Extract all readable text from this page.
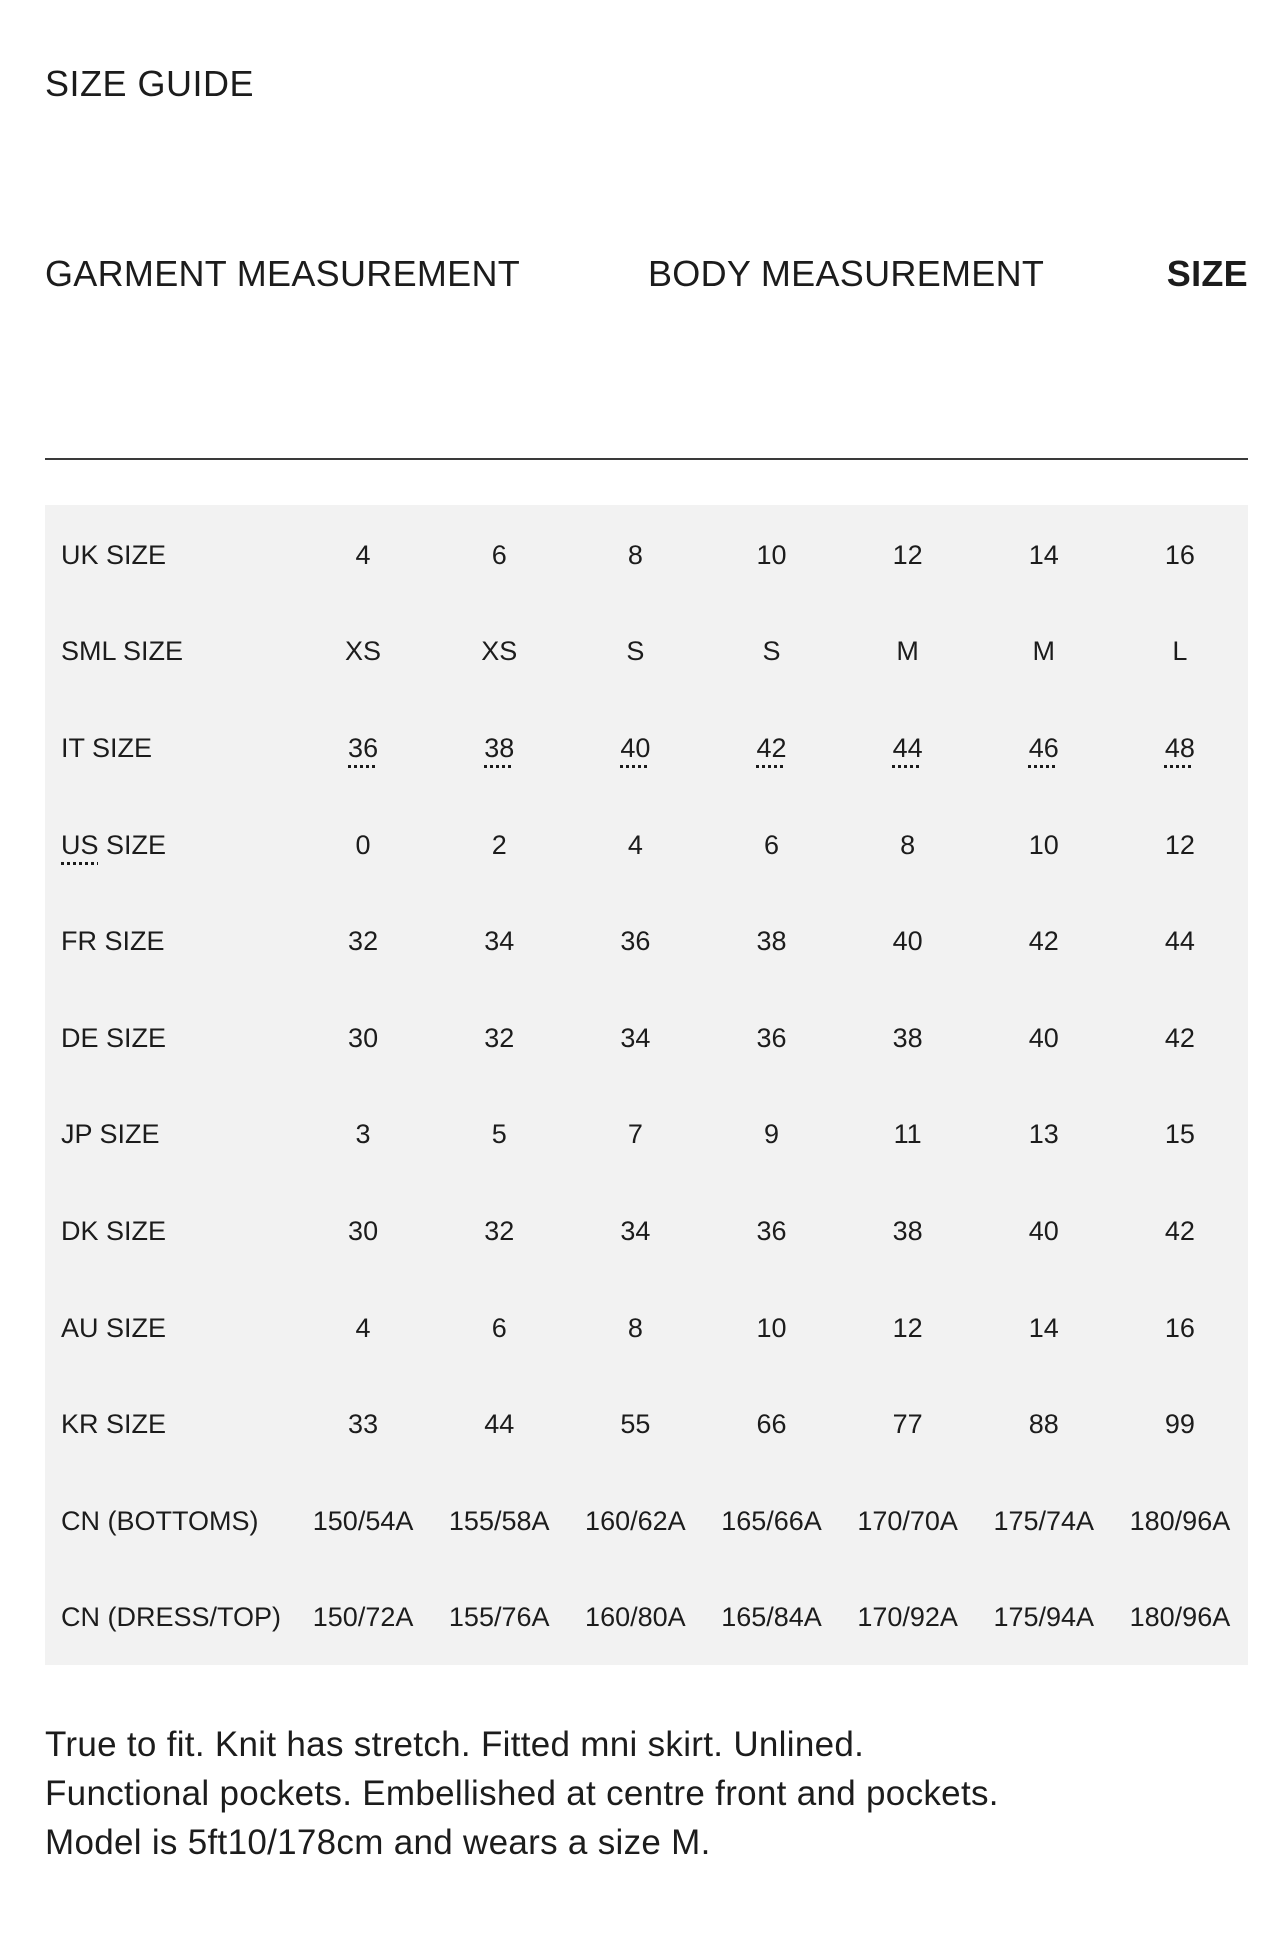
SIZE GUIDE
GARMENT MEASUREMENT	BODY MEASUREMENT	SIZE
UK SIZE	4	6	8	10	12	14	16
SML SIZE	XS	XS	S	S	M	M	L
IT SIZE	36	38	40	42	44	46	48
US SIZE	0	2	4	6	8	10	12
FR SIZE	32	34	36	38	40	42	44
DE SIZE	30	32	34	36	38	40	42
JP SIZE	3	5	7	9	11	13	15
DK SIZE	30	32	34	36	38	40	42
AU SIZE	4	6	8	10	12	14	16
KR SIZE	33	44	55	66	77	88	99
CN (BOTTOMS)	150/54A	155/58A	160/62A	165/66A	170/70A	175/74A	180/96A
CN (DRESS/TOP)	150/72A	155/76A	160/80A	165/84A	170/92A	175/94A	180/96A

True to fit. Knit has stretch. Fitted mni skirt. Unlined.

Functional pockets. Embellished at centre front and pockets.

Model is 5ft10/178cm and wears a size M.
